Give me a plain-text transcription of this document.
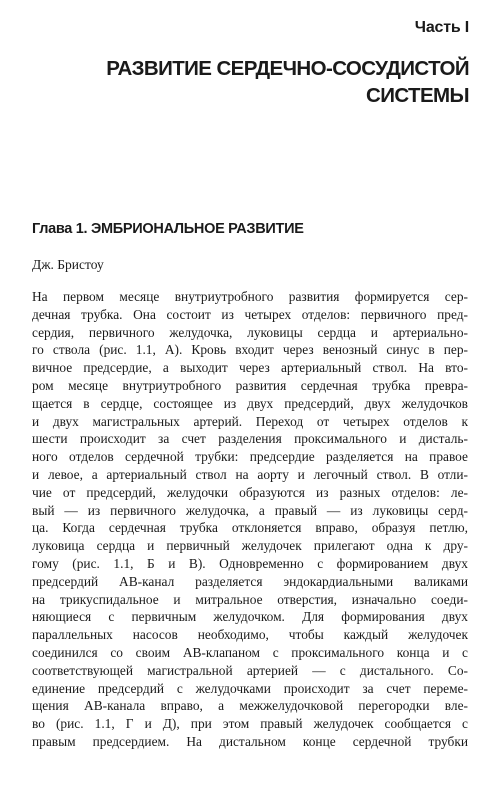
Часть I
РАЗВИТИЕ СЕРДЕЧНО-СОСУДИСТОЙ
СИСТЕМЫ
Глава 1. ЭМБРИОНАЛЬНОЕ РАЗВИТИЕ
Дж. Бристоу
На первом месяце внутриутробного развития формируется сер-
дечная трубка. Она состоит из четырех отделов: первичного пред-
сердия, первичного желудочка, луковицы сердца и артериально-
го ствола (рис. 1.1, А). Кровь входит через венозный синус в пер-
вичное предсердие, а выходит через артериальный ствол. На вто-
ром месяце внутриутробного развития сердечная трубка превра-
щается в сердце, состоящее из двух предсердий, двух желудочков
и двух магистральных артерий. Переход от четырех отделов к
шести происходит за счет разделения проксимального и дисталь-
ного отделов сердечной трубки: предсердие разделяется на правое
и левое, а артериальный ствол на аорту и легочный ствол. В отли-
чие от предсердий, желудочки образуются из разных отделов: ле-
вый — из первичного желудочка, а правый — из луковицы серд-
ца. Когда сердечная трубка отклоняется вправо, образуя петлю,
луковица сердца и первичный желудочек прилегают одна к дру-
гому (рис. 1.1, Б и В). Одновременно с формированием двух
предсердий АВ-канал разделяется эндокардиальными валиками
на трикуспидальное и митральное отверстия, изначально соеди-
няющиеся с первичным желудочком. Для формирования двух
параллельных насосов необходимо, чтобы каждый желудочек
соединился со своим АВ-клапаном с проксимального конца и с
соответствующей магистральной артерией — с дистального. Со-
единение предсердий с желудочками происходит за счет переме-
щения АВ-канала вправо, а межжелудочковой перегородки вле-
во (рис. 1.1, Г и Д), при этом правый желудочек сообщается с
правым предсердием. На дистальном конце сердечной трубки
